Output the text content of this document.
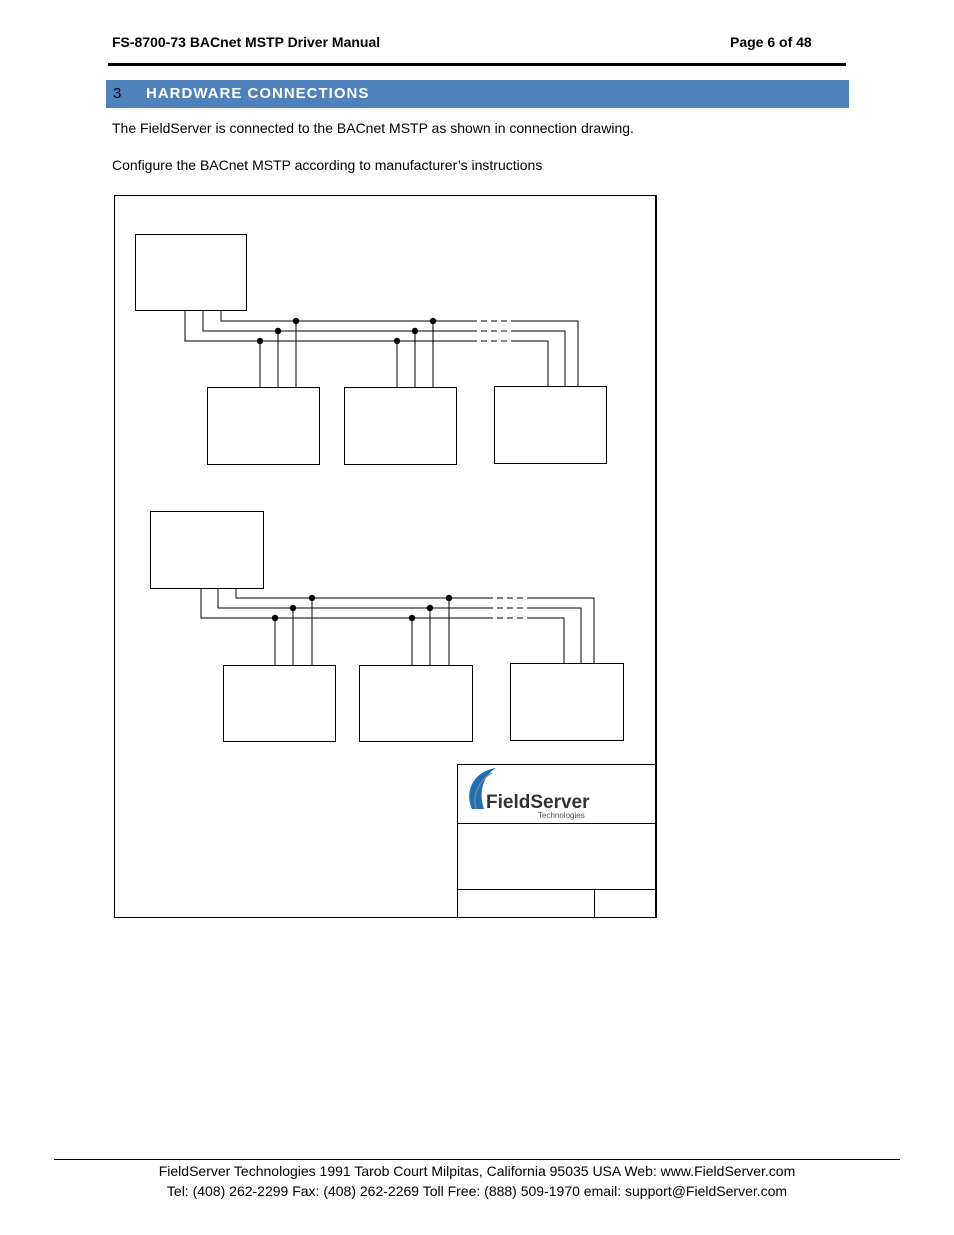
FS-8700-73 BACnet MSTP Driver Manual	Page 6 of 48
3 HARDWARE CONNECTIONS
The FieldServer is connected to the BACnet MSTP as shown in connection drawing.
Configure the BACnet MSTP according to manufacturer’s instructions
FieldServer
Technologies
FieldServer Technologies 1991 Tarob Court Milpitas, California 95035 USA Web: www.FieldServer.com
Tel: (408) 262-2299 Fax: (408) 262-2269 Toll Free: (888) 509-1970 email: support@FieldServer.com
